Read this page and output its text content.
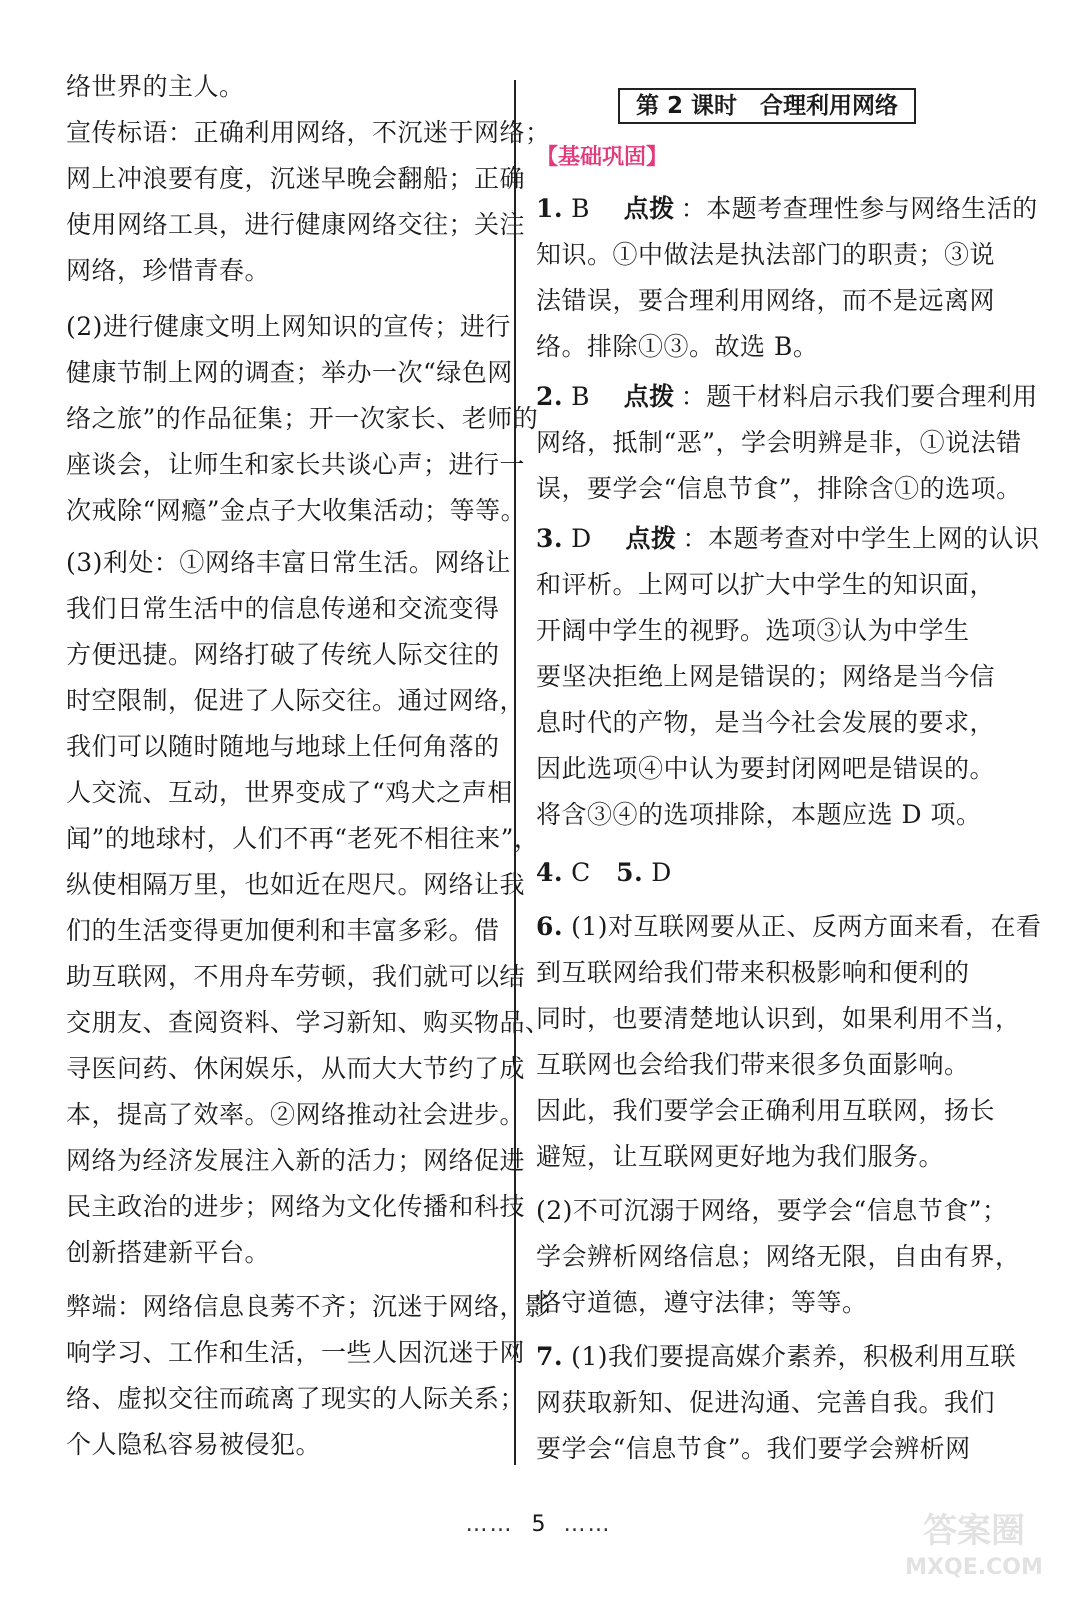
络世界的主人。
宣传标语：正确利用网络，不沉迷于网络；
网上冲浪要有度，沉迷早晚会翻船；正确
使用网络工具，进行健康网络交往；关注
网络，珍惜青春。
(2)进行健康文明上网知识的宣传；进行
健康节制上网的调查；举办一次“绿色网
络之旅”的作品征集；开一次家长、老师的
座谈会，让师生和家长共谈心声；进行一
次戒除“网瘾”金点子大收集活动；等等。
(3)利处：①网络丰富日常生活。网络让
我们日常生活中的信息传递和交流变得
方便迅捷。网络打破了传统人际交往的
时空限制，促进了人际交往。通过网络，
我们可以随时随地与地球上任何角落的
人交流、互动，世界变成了“鸡犬之声相
闻”的地球村，人们不再“老死不相往来”，
纵使相隔万里，也如近在咫尺。网络让我
们的生活变得更加便利和丰富多彩。借
助互联网，不用舟车劳顿，我们就可以结
交朋友、查阅资料、学习新知、购买物品、
寻医问药、休闲娱乐，从而大大节约了成
本，提高了效率。②网络推动社会进步。
网络为经济发展注入新的活力；网络促进
民主政治的进步；网络为文化传播和科技
创新搭建新平台。
弊端：网络信息良莠不齐；沉迷于网络，影
响学习、工作和生活，一些人因沉迷于网
络、虚拟交往而疏离了现实的人际关系；
个人隐私容易被侵犯。
第 2 课时　合理利用网络
【基础巩固】
1. B 点拨 ：本题考查理性参与网络生活的
知识。①中做法是执法部门的职责；③说
法错误，要合理利用网络，而不是远离网
络。排除①③。故选 B。
2. B 点拨 ：题干材料启示我们要合理利用
网络，抵制“恶”，学会明辨是非，①说法错
误，要学会“信息节食”，排除含①的选项。
3. D 点拨 ：本题考查对中学生上网的认识
和评析。上网可以扩大中学生的知识面，
开阔中学生的视野。选项③认为中学生
要坚决拒绝上网是错误的；网络是当今信
息时代的产物，是当今社会发展的要求，
因此选项④中认为要封闭网吧是错误的。
将含③④的选项排除，本题应选 D 项。
4. C 5. D
6. (1)对互联网要从正、反两方面来看，在看
到互联网给我们带来积极影响和便利的
同时，也要清楚地认识到，如果利用不当，
互联网也会给我们带来很多负面影响。
因此，我们要学会正确利用互联网，扬长
避短，让互联网更好地为我们服务。
(2)不可沉溺于网络，要学会“信息节食”；
学会辨析网络信息；网络无限，自由有界，
恪守道德，遵守法律；等等。
7. (1)我们要提高媒介素养，积极利用互联
网获取新知、促进沟通、完善自我。我们
要学会“信息节食”。我们要学会辨析网
…… 5 ……	答案圈
MXQE.COM
